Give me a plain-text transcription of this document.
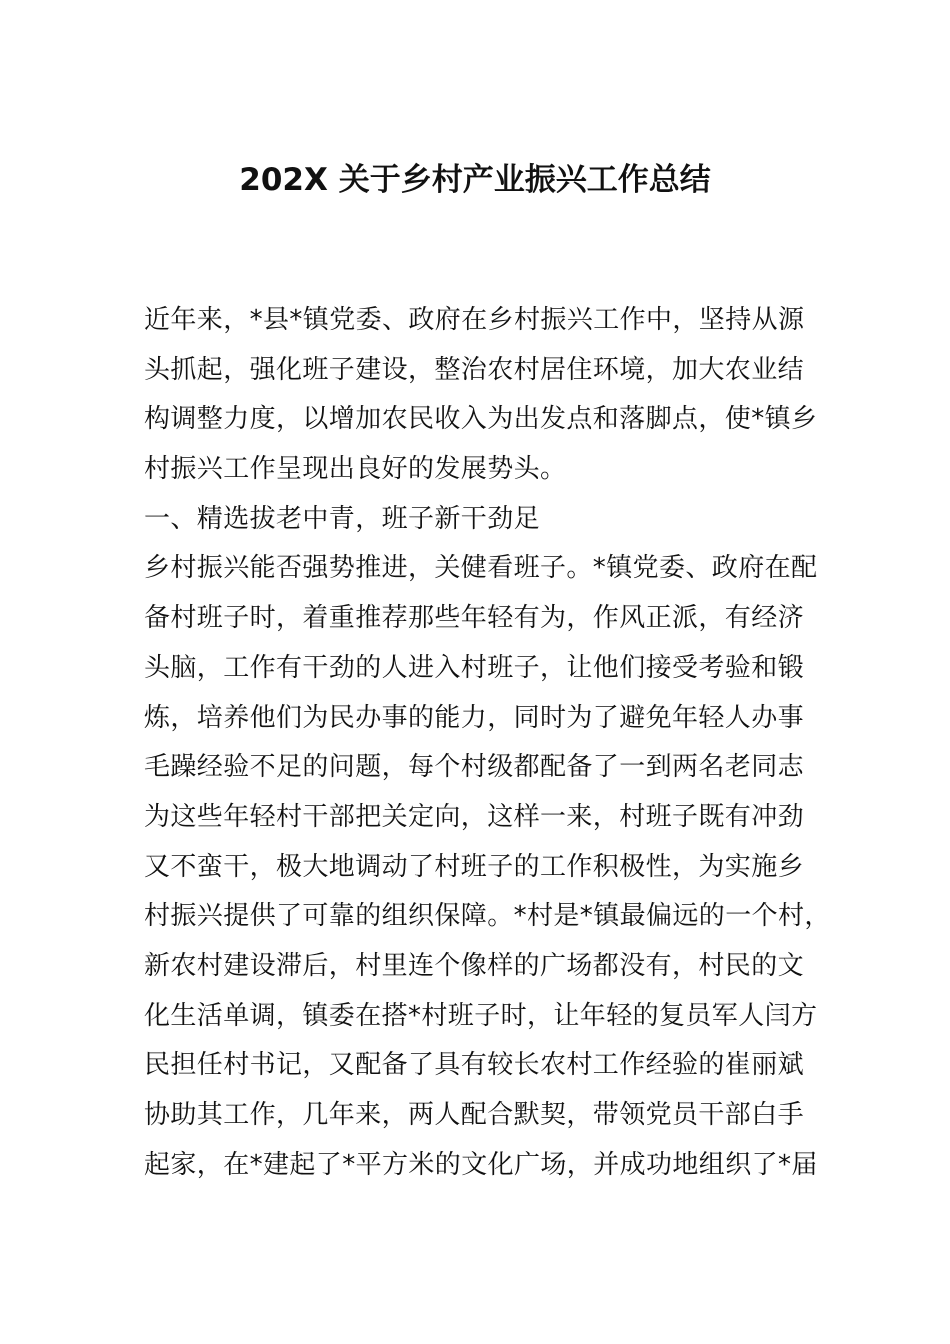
202X 关于乡村产业振兴工作总结
近年来，*县*镇党委、政府在乡村振兴工作中，坚持从源
头抓起，强化班子建设，整治农村居住环境，加大农业结
构调整力度，以增加农民收入为出发点和落脚点，使*镇乡
村振兴工作呈现出良好的发展势头。
一、精选拔老中青，班子新干劲足
乡村振兴能否强势推进，关健看班子。*镇党委、政府在配
备村班子时，着重推荐那些年轻有为，作风正派，有经济
头脑，工作有干劲的人进入村班子，让他们接受考验和锻
炼，培养他们为民办事的能力，同时为了避免年轻人办事
毛躁经验不足的问题，每个村级都配备了一到两名老同志
为这些年轻村干部把关定向，这样一来，村班子既有冲劲
又不蛮干，极大地调动了村班子的工作积极性，为实施乡
村振兴提供了可靠的组织保障。*村是*镇最偏远的一个村，
新农村建设滞后，村里连个像样的广场都没有，村民的文
化生活单调，镇委在搭*村班子时，让年轻的复员军人闫方
民担任村书记，又配备了具有较长农村工作经验的崔丽斌
协助其工作，几年来，两人配合默契，带领党员干部白手
起家，在*建起了*平方米的文化广场，并成功地组织了*届
